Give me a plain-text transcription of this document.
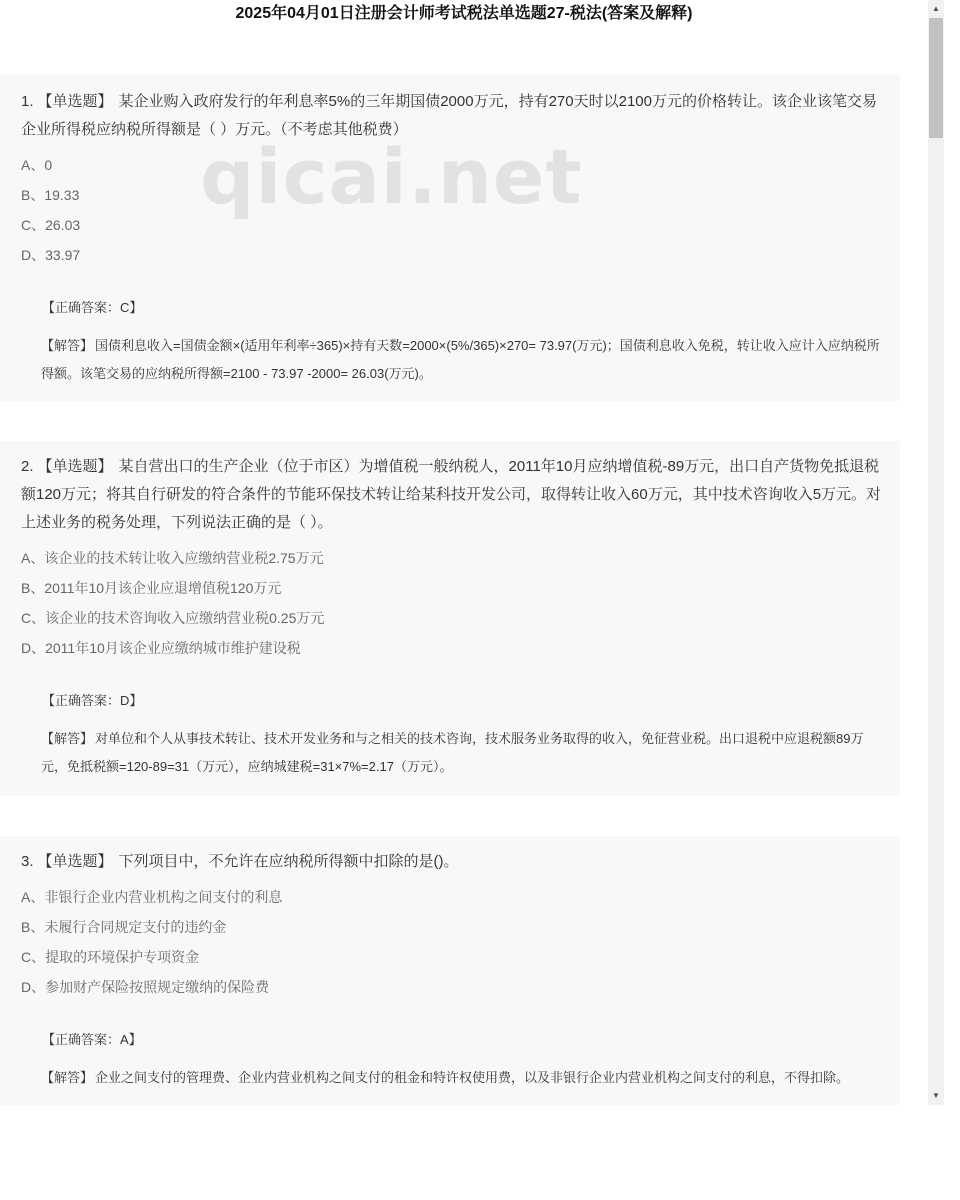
2025年04月01日注册会计师考试税法单选题27-税法(答案及解释)
qicai.net
1. 【单选题】 某企业购入政府发行的年利息率5%的三年期国债2000万元，持有270天时以2100万元的价格转让。该企业该笔交易企业所得税应纳税所得额是（ ）万元。（不考虑其他税费）
A、0
B、19.33
C、26.03
D、33.97
【正确答案：C】
【解答】 国债利息收入=国债金额×(适用年利率÷365)×持有天数=2000×(5%/365)×270= 73.97(万元)；国债利息收入免税，转让收入应计入应纳税所得额。该笔交易的应纳税所得额=2100 - 73.97 -2000= 26.03(万元)。
2. 【单选题】 某自营出口的生产企业（位于市区）为增值税一般纳税人，2011年10月应纳增值税-89万元，出口自产货物免抵退税额120万元；将其自行研发的符合条件的节能环保技术转让给某科技开发公司，取得转让收入60万元，其中技术咨询收入5万元。对上述业务的税务处理，下列说法正确的是（ ）。
A、该企业的技术转让收入应缴纳营业税2.75万元
B、2011年10月该企业应退增值税120万元
C、该企业的技术咨询收入应缴纳营业税0.25万元
D、2011年10月该企业应缴纳城市维护建设税
【正确答案：D】
【解答】 对单位和个人从事技术转让、技术开发业务和与之相关的技术咨询，技术服务业务取得的收入，免征营业税。出口退税中应退税额89万元，免抵税额=120-89=31（万元），应纳城建税=31×7%=2.17（万元）。
3. 【单选题】 下列项目中，不允许在应纳税所得额中扣除的是()。
A、非银行企业内营业机构之间支付的利息
B、未履行合同规定支付的违约金
C、提取的环境保护专项资金
D、参加财产保险按照规定缴纳的保险费
【正确答案：A】
【解答】 企业之间支付的管理费、企业内营业机构之间支付的租金和特许权使用费，以及非银行企业内营业机构之间支付的利息，不得扣除。
▲
▼
